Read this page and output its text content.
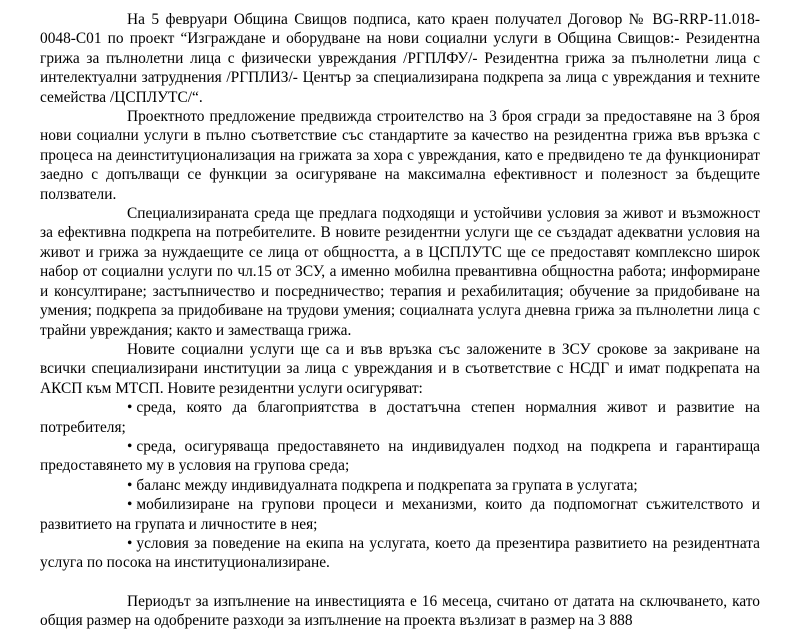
На 5 февруари Община Свищов подписа, като краен получател Договор № BG-RRP-11.018-0048-C01 по проект “Изграждане и оборудване на нови социални услуги в Община Свищов:- Резидентна грижа за пълнолетни лица с физически увреждания /РГПЛФУ/- Резидентна грижа за пълнолетни лица с интелектуални затруднения /РГПЛИЗ/- Център за специализирана подкрепа за лица с увреждания и техните семейства /ЦСПЛУТС/“.

Проектното предложение предвижда строителство на 3 броя сгради за предоставяне на 3 броя нови социални услуги в пълно съответствие със стандартите за качество на резидентна грижа във връзка с процеса на деинституционализация на грижата за хора с увреждания, като е предвидено те да функционират заедно с допълващи се функции за осигуряване на максимална ефективност и полезност за бъдещите ползватели.

Специализираната среда ще предлага подходящи и устойчиви условия за живот и възможност за ефективна подкрепа на потребителите. В новите резидентни услуги ще се създадат адекватни условия на живот и грижа за нуждаещите се лица от общността, а в ЦСПЛУТС ще се предоставят комплексно широк набор от социални услуги по чл.15 от ЗСУ, а именно мобилна превантивна общностна работа; информиране и консултиране; застъпничество и посредничество; терапия и рехабилитация; обучение за придобиване на умения; подкрепа за придобиване на трудови умения; социалната услуга дневна грижа за пълнолетни лица с трайни увреждания; както и заместваща грижа.

Новите социални услуги ще са и във връзка със заложените в ЗСУ срокове за закриване на всички специализирани институции за лица с увреждания и в съответствие с НСДГ и имат подкрепата на АКСП към МТСП. Новите резидентни услуги осигуряват:

• среда, която да благоприятства в достатъчна степен нормалния живот и развитие на потребителя;
• среда, осигуряваща предоставянето на индивидуален подход на подкрепа и гарантираща предоставянето му в условия на групова среда;
• баланс между индивидуалната подкрепа и подкрепата за групата в услугата;
• мобилизиране на групови процеси и механизми, които да подпомогнат съжителството и развитието на групата и личностите в нея;
• условия за поведение на екипа на услугата, което да презентира развитието на резидентната услуга по посока на институционализиране.

Периодът за изпълнение на инвестицията е 16 месеца, считано от датата на сключването, като общия размер на одобрените разходи за изпълнение на проекта възлизат в размер на 3 888
